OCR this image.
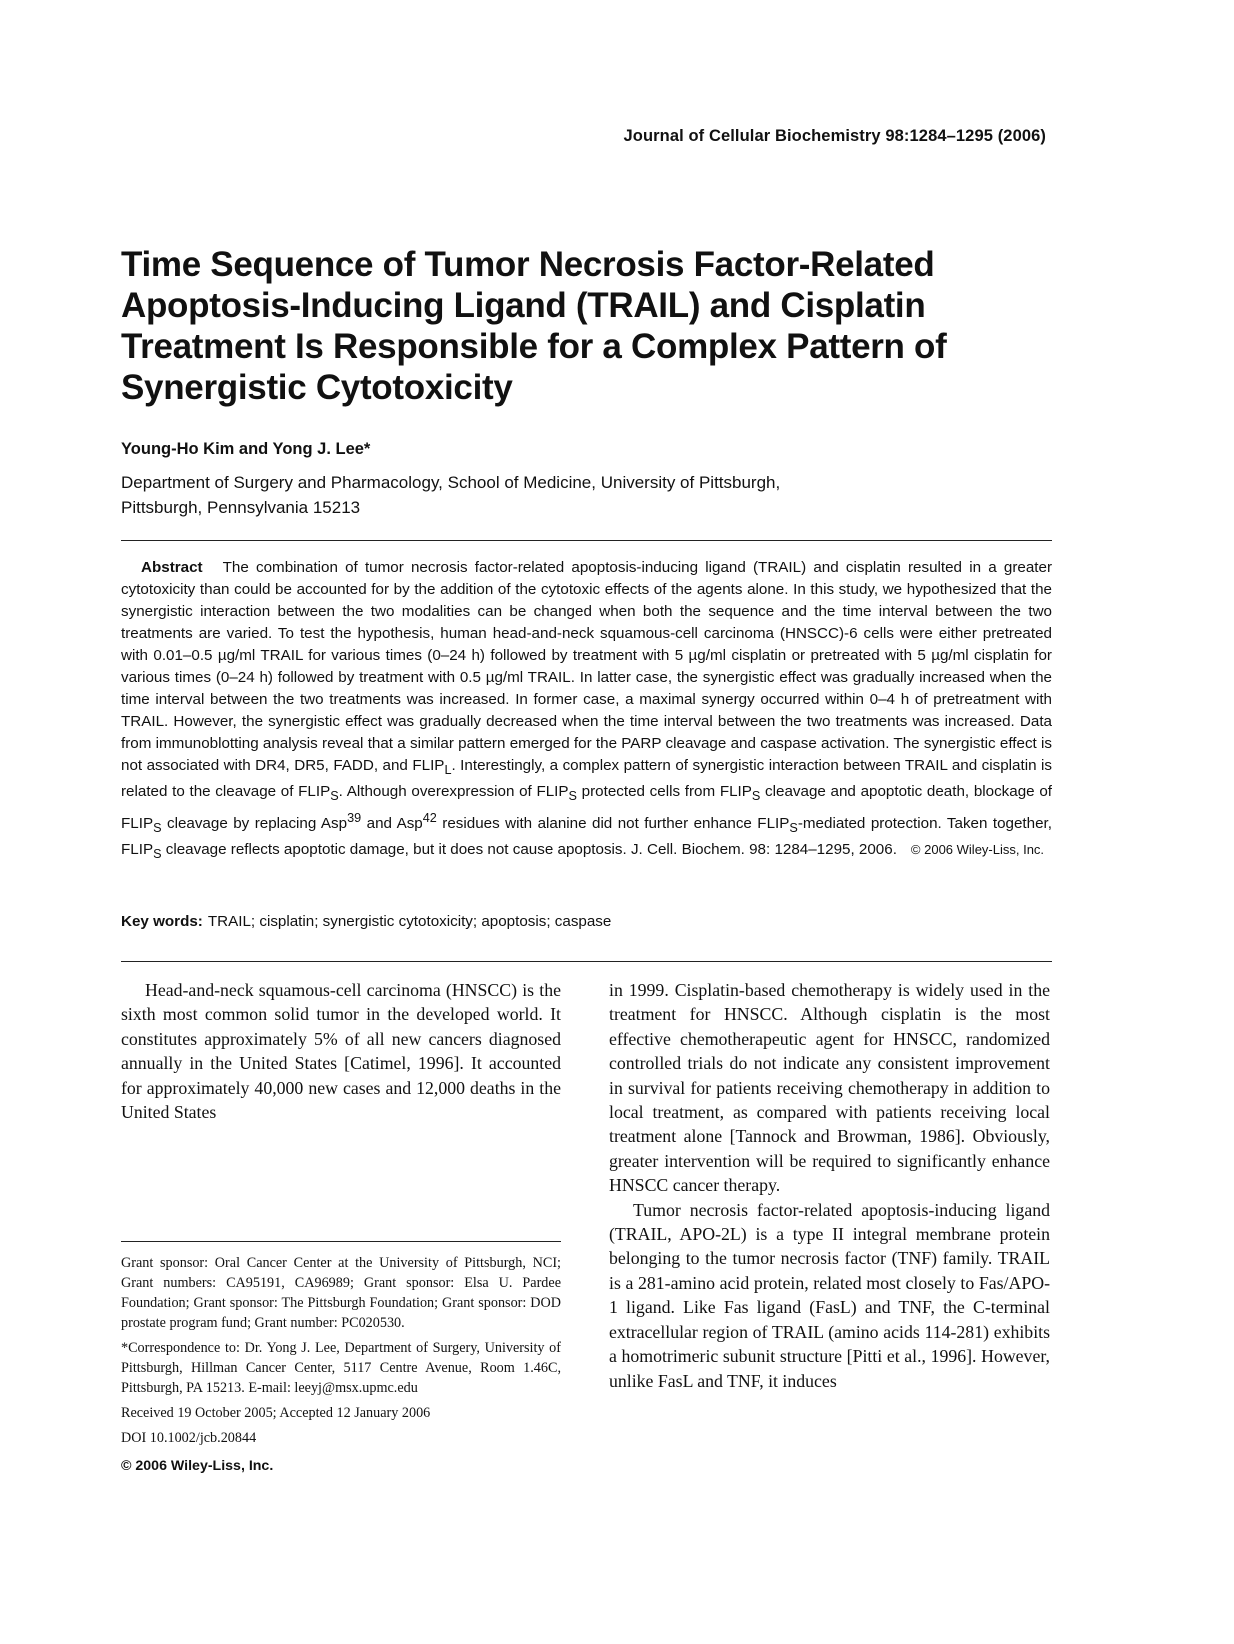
Journal of Cellular Biochemistry 98:1284–1295 (2006)
Time Sequence of Tumor Necrosis Factor-Related
Apoptosis-Inducing Ligand (TRAIL) and Cisplatin
Treatment Is Responsible for a Complex Pattern of
Synergistic Cytotoxicity
Young-Ho Kim and Yong J. Lee*
Department of Surgery and Pharmacology, School of Medicine, University of Pittsburgh,
Pittsburgh, Pennsylvania 15213
Abstract The combination of tumor necrosis factor-related apoptosis-inducing ligand (TRAIL) and cisplatin resulted in a greater cytotoxicity than could be accounted for by the addition of the cytotoxic effects of the agents alone. In this study, we hypothesized that the synergistic interaction between the two modalities can be changed when both the sequence and the time interval between the two treatments are varied. To test the hypothesis, human head-and-neck squamous-cell carcinoma (HNSCC)-6 cells were either pretreated with 0.01–0.5 µg/ml TRAIL for various times (0–24 h) followed by treatment with 5 µg/ml cisplatin or pretreated with 5 µg/ml cisplatin for various times (0–24 h) followed by treatment with 0.5 µg/ml TRAIL. In latter case, the synergistic effect was gradually increased when the time interval between the two treatments was increased. In former case, a maximal synergy occurred within 0–4 h of pretreatment with TRAIL. However, the synergistic effect was gradually decreased when the time interval between the two treatments was increased. Data from immunoblotting analysis reveal that a similar pattern emerged for the PARP cleavage and caspase activation. The synergistic effect is not associated with DR4, DR5, FADD, and $FLIP_L$. Interestingly, a complex pattern of synergistic interaction between TRAIL and cisplatin is related to the cleavage of $FLIP_S$. Although overexpression of $FLIP_S$ protected cells from $FLIP_S$ cleavage and apoptotic death, blockage of $FLIP_S$ cleavage by replacing Asp$^{39}$ and Asp$^{42}$ residues with alanine did not further enhance $FLIP_S$-mediated protection. Taken together, $FLIP_S$ cleavage reflects apoptotic damage, but it does not cause apoptosis. J. Cell. Biochem. 98: 1284–1295, 2006. © 2006 Wiley-Liss, Inc.
Key words: TRAIL; cisplatin; synergistic cytotoxicity; apoptosis; caspase
Head-and-neck squamous-cell carcinoma (HNSCC) is the sixth most common solid tumor in the developed world. It constitutes approximately 5% of all new cancers diagnosed annually in the United States [Catimel, 1996]. It accounted for approximately 40,000 new cases and 12,000 deaths in the United States

in 1999. Cisplatin-based chemotherapy is widely used in the treatment for HNSCC. Although cisplatin is the most effective chemotherapeutic agent for HNSCC, randomized controlled trials do not indicate any consistent improvement in survival for patients receiving chemotherapy in addition to local treatment, as compared with patients receiving local treatment alone [Tannock and Browman, 1986]. Obviously, greater intervention will be required to significantly enhance HNSCC cancer therapy.

Tumor necrosis factor-related apoptosis-inducing ligand (TRAIL, APO-2L) is a type II integral membrane protein belonging to the tumor necrosis factor (TNF) family. TRAIL is a 281-amino acid protein, related most closely to Fas/APO-1 ligand. Like Fas ligand (FasL) and TNF, the C-terminal extracellular region of TRAIL (amino acids 114-281) exhibits a homotrimeric subunit structure [Pitti et al., 1996]. However, unlike FasL and TNF, it induces

Grant sponsor: Oral Cancer Center at the University of Pittsburgh, NCI; Grant numbers: CA95191, CA96989; Grant sponsor: Elsa U. Pardee Foundation; Grant sponsor: The Pittsburgh Foundation; Grant sponsor: DOD prostate program fund; Grant number: PC020530.

*Correspondence to: Dr. Yong J. Lee, Department of Surgery, University of Pittsburgh, Hillman Cancer Center, 5117 Centre Avenue, Room 1.46C, Pittsburgh, PA 15213. E-mail: leeyj@msx.upmc.edu

Received 19 October 2005; Accepted 12 January 2006

DOI 10.1002/jcb.20844

© 2006 Wiley-Liss, Inc.
